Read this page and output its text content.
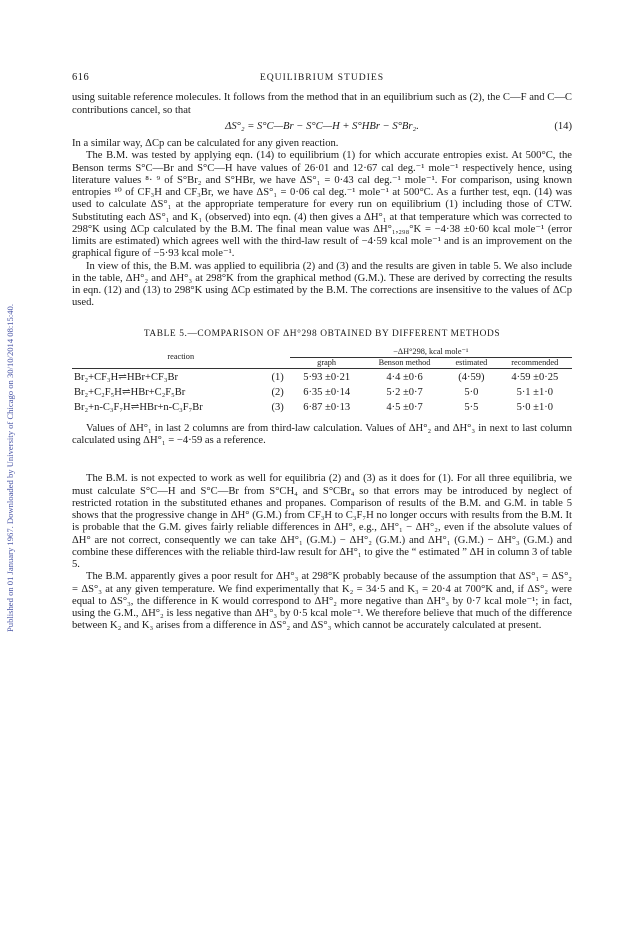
Published on 01 January 1967. Downloaded by University of Chicago on 30/10/2014 08:15:40.
616	EQUILIBRIUM STUDIES

using suitable reference molecules. It follows from the method that in an equilibrium such as (2), the C—F and C—C contributions cancel, so that

ΔS°₂ = S°C—Br − S°C—H + S°HBr − S°Br₂.	(14)

In a similar way, ΔCp can be calculated for any given reaction.

The B.M. was tested by applying eqn. (14) to equilibrium (1) for which accurate entropies exist. At 500°C, the Benson terms S°C—Br and S°C—H have values of 26·01 and 12·67 cal deg.⁻¹ mole⁻¹ respectively hence, using literature values ⁸· ⁹ of S°Br₂ and S°HBr, we have ΔS°₁ = 0·43 cal deg.⁻¹ mole⁻¹. For comparison, using known entropies ¹⁰ of CF₃H and CF₃Br, we have ΔS°₁ = 0·06 cal deg.⁻¹ mole⁻¹ at 500°C. As a further test, eqn. (14) was used to calculate ΔS°₁ at the appropriate temperature for every run on equilibrium (1) including those of CTW. Substituting each ΔS°₁ and K₁ (observed) into eqn. (4) then gives a ΔH°₁ at that temperature which was corrected to 298°K using ΔCp calculated by the B.M. The final mean value was ΔH°₁,₂₉₈°K = −4·38 ±0·60 kcal mole⁻¹ (error limits are estimated) which agrees well with the third-law result of −4·59 kcal mole⁻¹ and is an improvement on the graphical figure of −5·93 kcal mole⁻¹.

In view of this, the B.M. was applied to equilibria (2) and (3) and the results are given in table 5. We also include in the table, ΔH°₂ and ΔH°₃ at 298°K from the graphical method (G.M.). These are derived by correcting the results in eqn. (12) and (13) to 298°K using ΔCp estimated by the B.M. The corrections are insensitive to the values of ΔCp used.

TABLE 5.—COMPARISON OF ΔH°298 OBTAINED BY DIFFERENT METHODS
reaction		−ΔH°298, kcal mole⁻¹			
		graph	Benson method	estimated	recommended
Br₂+CF₃H⇌HBr+CF₃Br	(1)	5·93 ±0·21	4·4 ±0·6	(4·59)	4·59 ±0·25
Br₂+C₂F₅H⇌HBr+C₂F₅Br	(2)	6·35 ±0·14	5·2 ±0·7	5·0	5·1 ±1·0
Br₂+n-C₃F₇H⇌HBr+n-C₃F₇Br	(3)	6·87 ±0·13	4·5 ±0·7	5·5	5·0 ±1·0

Values of ΔH°₁ in last 2 columns are from third-law calculation. Values of ΔH°₂ and ΔH°₃ in next to last column calculated using ΔH°₁ = −4·59 as a reference.

The B.M. is not expected to work as well for equilibria (2) and (3) as it does for (1). For all three equilibria, we must calculate S°C—H and S°C—Br from S°CH₄ and S°CBr₄ so that errors may be introduced by neglect of restricted rotation in the substituted ethanes and propanes. Comparison of results of the B.M. and G.M. in table 5 shows that the progressive change in ΔH° (G.M.) from CF₃H to C₃F₇H no longer occurs with results from the B.M. It is probable that the G.M. gives fairly reliable differences in ΔH°, e.g., ΔH°₁ − ΔH°₂, even if the absolute values of ΔH° are not correct, consequently we can take ΔH°₁ (G.M.) − ΔH°₂ (G.M.) and ΔH°₁ (G.M.) − ΔH°₃ (G.M.) and combine these differences with the reliable third-law result for ΔH°₁ to give the “ estimated ” ΔH in column 3 of table 5.

The B.M. apparently gives a poor result for ΔH°₃ at 298°K probably because of the assumption that ΔS°₁ = ΔS°₂ = ΔS°₃ at any given temperature. We find experimentally that K₂ = 34·5 and K₃ = 20·4 at 700°K and, if ΔS°₂ were equal to ΔS°₃, the difference in K would correspond to ΔH°₂ more negative than ΔH°₃ by 0·7 kcal mole⁻¹; in fact, using the G.M., ΔH°₂ is less negative than ΔH°₃ by 0·5 kcal mole⁻¹. We therefore believe that much of the difference between K₂ and K₃ arises from a difference in ΔS°₂ and ΔS°₃ which cannot be accurately calculated at present.
